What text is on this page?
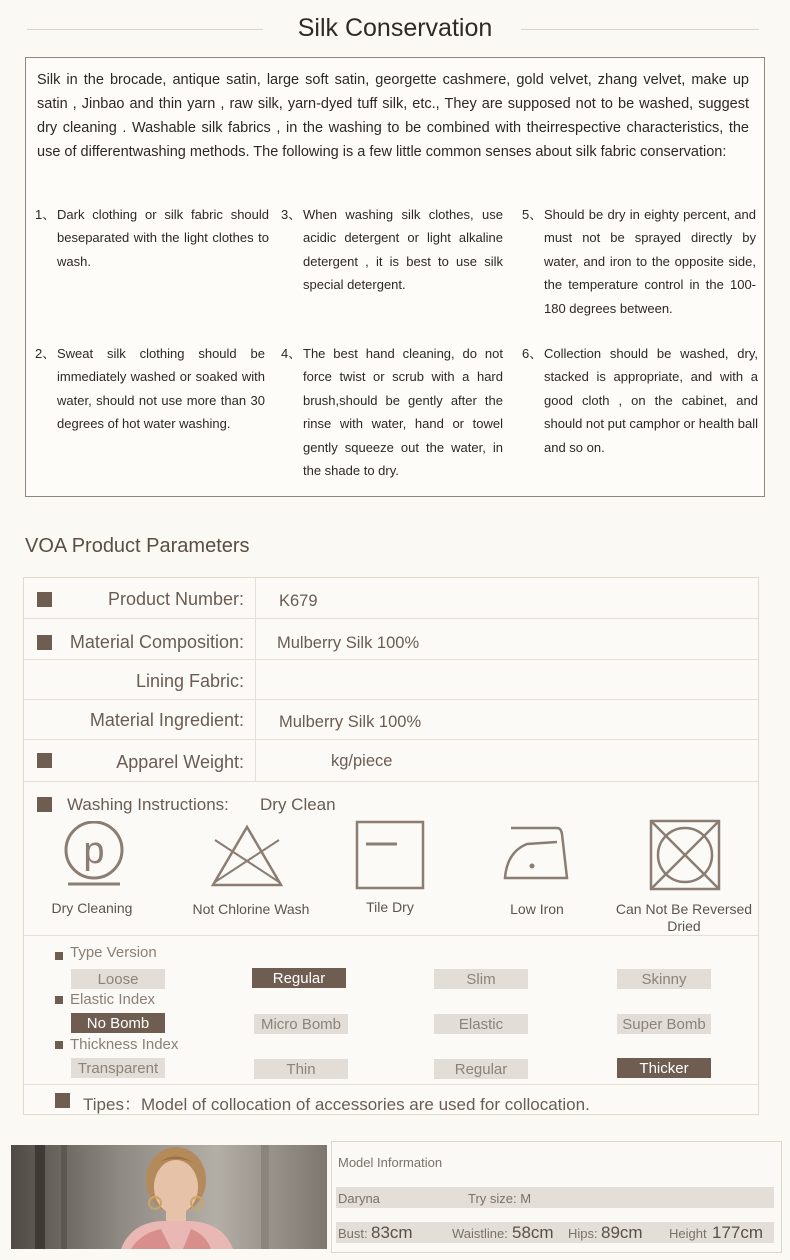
Silk Conservation
Silk in the brocade, antique satin, large soft satin, georgette cashmere, gold velvet, zhang velvet, make up satin , Jinbao and thin yarn , raw silk, yarn-dyed tuff silk, etc., They are supposed not to be washed, suggest dry cleaning . Washable silk fabrics , in the washing to be combined with theirrespective characteristics, the use of differentwashing methods. The following is a few little common senses about silk fabric conservation:
1、 Dark clothing or silk fabric should beseparated with the light clothes to wash.
3、 When washing silk clothes, use acidic detergent or light alkaline detergent , it is best to use silk special detergent.
5、 Should be dry in eighty percent, and must not be sprayed directly by water, and iron to the opposite side, the temperature control in the 100-180 degrees between.
2、 Sweat silk clothing should be immediately washed or soaked with water, should not use more than 30 degrees of hot water washing.
4、 The best hand cleaning, do not force twist or scrub with a hard brush,should be gently after the rinse with water, hand or towel gently squeeze out the water, in the shade to dry.
6、 Collection should be washed, dry, stacked is appropriate, and with a good cloth , on the cabinet, and should not put camphor or health ball and so on.
VOA Product Parameters
Product Number: K679
Material Composition: Mulberry Silk 100%
Lining Fabric:
Material Ingredient: Mulberry Silk 100%
Apparel Weight:	kg/piece
Washing Instructions: Dry Clean
p
Dry Cleaning	Not Chlorine Wash	Tile Dry	Low Iron	Can Not Be Reversed Dried
Type Version
Loose	Regular	Slim	Skinny
Elastic Index
No Bomb	Micro Bomb	Elastic	Super Bomb
Thickness Index
Transparent	Thin	Regular	Thicker
Tipes：Model of collocation of accessories are used for collocation.
Model Information
Daryna	Try size: M
Bust: 83cm	Waistline: 58cm Hips: 89cm Height 177cm
